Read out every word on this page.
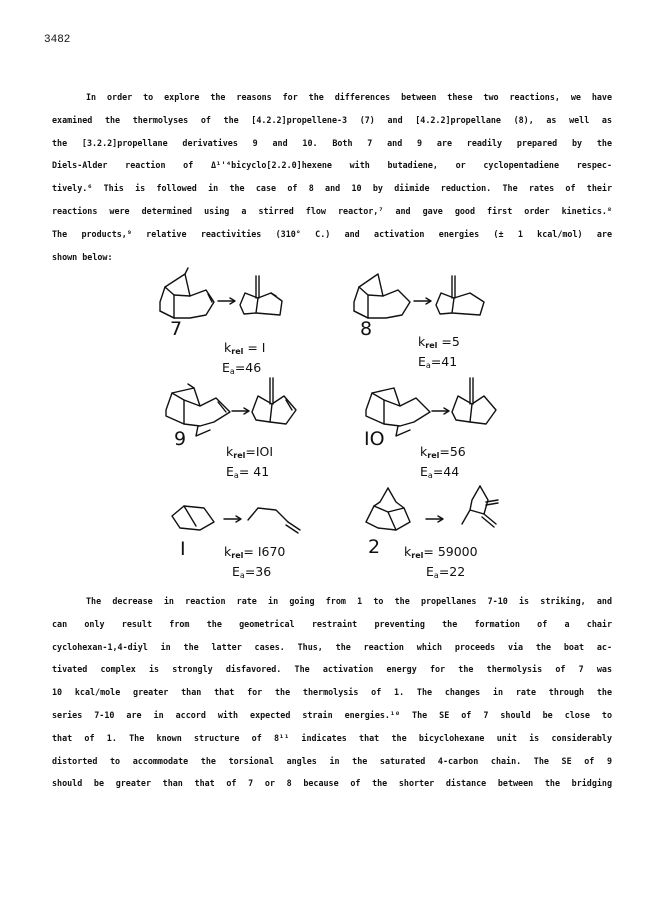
3482
In order to explore the reasons for the differences between these two reactions, we have
examined the thermolyses of the [4.2.2]propellene-3 (7) and [4.2.2]propellane (8), as well as
the [3.2.2]propellane derivatives 9 and 10. Both 7 and 9 are readily prepared by the
Diels-Alder reaction of Δ¹'⁴bicyclo[2.2.0]hexene with butadiene, or cyclopentadiene respec-
tively.⁶ This is followed in the case of 8 and 10 by diimide reduction. The rates of their
reactions were determined using a stirred flow reactor,⁷ and gave good first order kinetics.⁸
The products,⁹ relative reactivities (310° C.) and activation energies (± 1 kcal/mol) are
shown below:
7
$k_{rel} = I$
$E_a=46$
8
$k_{rel} =5$
$E_a=41$
9
$k_{rel}=IOI$
$E_a= 41$
IO
$k_{rel}=56$
$E_a=44$
I	$k_{rel}= I670$
$E_a=36$
2 $k_{rel}= 59000$
$E_a=22$
The decrease in reaction rate in going from 1 to the propellanes 7-10 is striking, and
can only result from the geometrical restraint preventing the formation of a chair
cyclohexan-1,4-diyl in the latter cases. Thus, the reaction which proceeds via the boat ac-
tivated complex is strongly disfavored. The activation energy for the thermolysis of 7 was
10 kcal/mole greater than that for the thermolysis of 1. The changes in rate through the
series 7-10 are in accord with expected strain energies.¹⁰ The SE of 7 should be close to
that of 1. The known structure of 8¹¹ indicates that the bicyclohexane unit is considerably
distorted to accommodate the torsional angles in the saturated 4-carbon chain. The SE of 9
should be greater than that of 7 or 8 because of the shorter distance between the bridging
